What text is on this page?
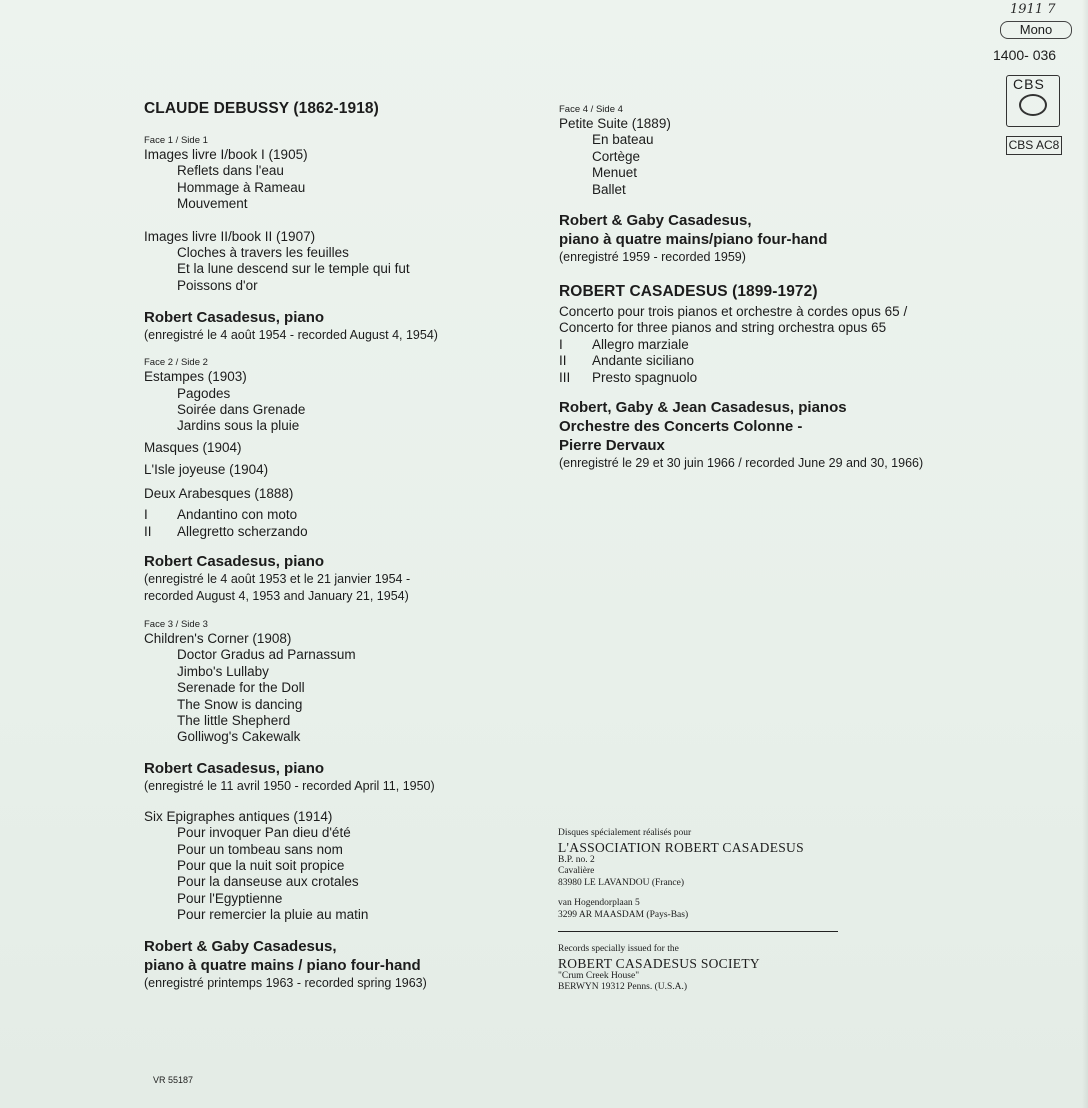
CLAUDE DEBUSSY (1862-1918)

Face 1 / Side 1

Images livre I/book I (1905)

Reflets dans l'eau

Hommage à Rameau

Mouvement

Images livre II/book II (1907)

Cloches à travers les feuilles

Et la lune descend sur le temple qui fut

Poissons d'or

Robert Casadesus, piano

(enregistré le 4 août 1954 - recorded August 4, 1954)

Face 2 / Side 2

Estampes (1903)

Pagodes

Soirée dans Grenade

Jardins sous la pluie

Masques (1904)

L'Isle joyeuse (1904)

Deux Arabesques (1888)

I	Andantino con moto

II	Allegretto scherzando

Robert Casadesus, piano

(enregistré le 4 août 1953 et le 21 janvier 1954 -

recorded August 4, 1953 and January 21, 1954)

Face 3 / Side 3

Children's Corner (1908)

Doctor Gradus ad Parnassum

Jimbo's Lullaby

Serenade for the Doll

The Snow is dancing

The little Shepherd

Golliwog's Cakewalk

Robert Casadesus, piano

(enregistré le 11 avril 1950 - recorded April 11, 1950)

Six Epigraphes antiques (1914)

Pour invoquer Pan dieu d'été

Pour un tombeau sans nom

Pour que la nuit soit propice

Pour la danseuse aux crotales

Pour l'Egyptienne

Pour remercier la pluie au matin

Robert & Gaby Casadesus,

piano à quatre mains / piano four-hand

(enregistré printemps 1963 - recorded spring 1963)

Face 4 / Side 4

Petite Suite (1889)

En bateau

Cortège

Menuet

Ballet

Robert & Gaby Casadesus,

piano à quatre mains/piano four-hand

(enregistré 1959 - recorded 1959)

ROBERT CASADESUS (1899-1972)

Concerto pour trois pianos et orchestre à cordes opus 65 /

Concerto for three pianos and string orchestra opus 65

I	Allegro marziale

II	Andante siciliano

III	Presto spagnuolo

Robert, Gaby & Jean Casadesus, pianos

Orchestre des Concerts Colonne -

Pierre Dervaux

(enregistré le 29 et 30 juin 1966 / recorded June 29 and 30, 1966)

Disques spécialement réalisés pour

L'ASSOCIATION ROBERT CASADESUS

B.P. no. 2

Cavalière

83980 LE LAVANDOU (France)

van Hogendorplaan 5

3299 AR MAASDAM (Pays-Bas)

Records specially issued for the

ROBERT CASADESUS SOCIETY

"Crum Creek House"

BERWYN 19312 Penns. (U.S.A.)

VR 55187

1911 7
Mono
1400- 036
CBS
CBS AC8
